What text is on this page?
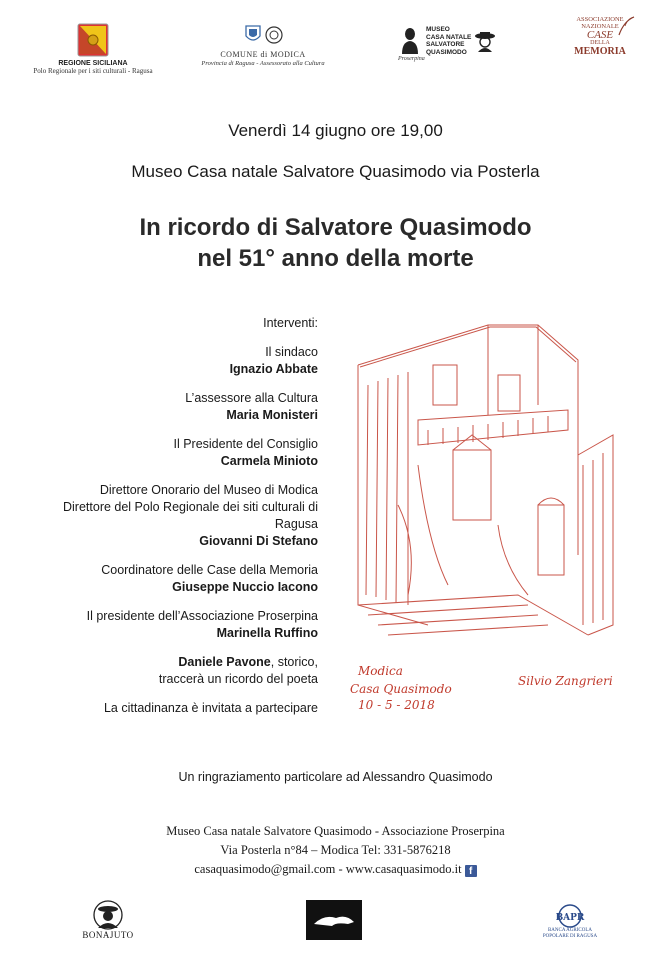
REGIONE SICILIANA
Polo Regionale per i siti culturali - Ragusa
COMUNE di MODICA
Provincia di Ragusa - Assessorato alla Cultura
MUSEO
CASA NATALE
SALVATORE
QUASIMODO
Proserpina
ASSOCIAZIONE
NAZIONALE
CASE
DELLA
MEMORIA
Venerdì 14 giugno ore 19,00
Museo Casa natale Salvatore Quasimodo via Posterla
In ricordo di Salvatore Quasimodo
nel 51° anno della morte
Interventi:
Il sindaco
Ignazio Abbate
L’assessore alla Cultura
Maria Monisteri
Il Presidente del Consiglio
Carmela Minioto
Direttore Onorario del Museo di Modica
Direttore del Polo Regionale dei siti culturali di Ragusa
Giovanni Di Stefano
Coordinatore delle Case della Memoria
Giuseppe Nuccio Iacono
Il presidente dell’Associazione Proserpina
Marinella Ruffino
Daniele Pavone, storico,
traccerà un ricordo del poeta
La cittadinanza è invitata a partecipare
Modica
Casa Quasimodo
10 - 5 - 2018
Silvio Zangrieri
Un ringraziamento particolare ad Alessandro Quasimodo
Museo Casa natale Salvatore Quasimodo - Associazione Proserpina
Via Posterla n°84 – Modica Tel: 331-5876218
casaquasimodo@gmail.com - www.casaquasimodo.it f
BONAJUTO
BAPR
BANCA AGRICOLA
POPOLARE DI RAGUSA
